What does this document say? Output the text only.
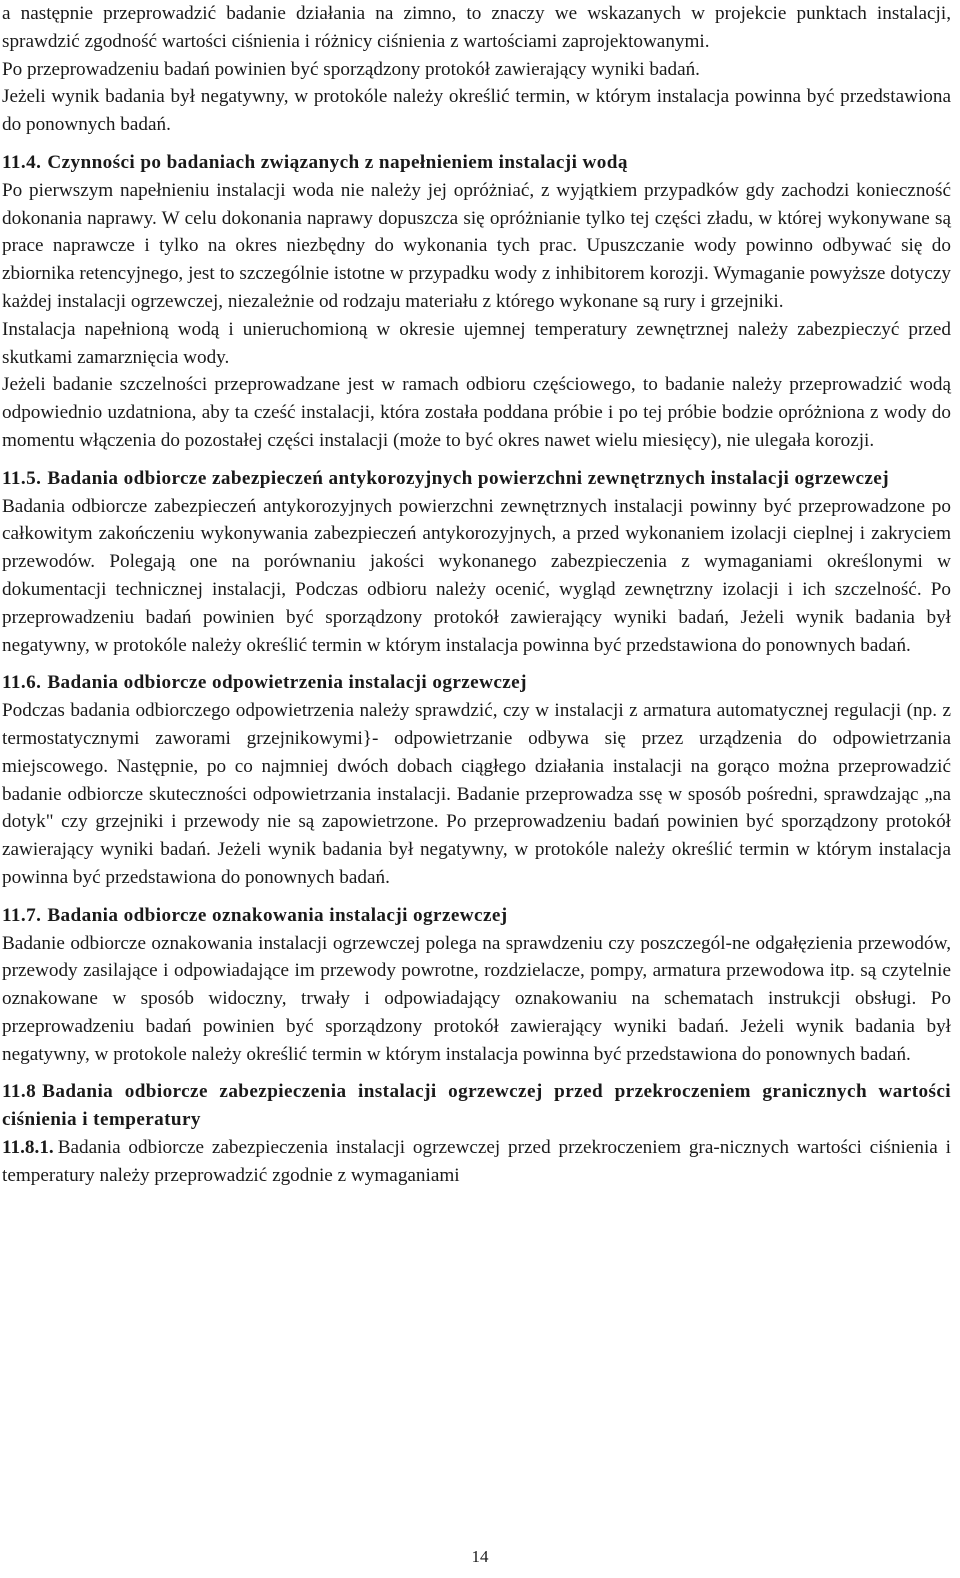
a następnie przeprowadzić badanie działania na zimno, to znaczy we wskazanych w projekcie punktach instalacji, sprawdzić zgodność wartości ciśnienia i różnicy ciśnienia z wartościami zaprojektowanymi.

Po przeprowadzeniu badań powinien być sporządzony protokół zawierający wyniki badań.

Jeżeli wynik badania był negatywny, w protokóle należy określić termin, w którym instalacja powinna być przedstawiona do ponownych badań.

11.4. Czynności po badaniach związanych z napełnieniem instalacji wodą

Po pierwszym napełnieniu instalacji woda nie należy jej opróżniać, z wyjątkiem przypadków gdy zachodzi konieczność dokonania naprawy. W celu dokonania naprawy dopuszcza się opróżnianie tylko tej części zładu, w której wykonywane są prace naprawcze i tylko na okres niezbędny do wykonania tych prac. Upuszczanie wody powinno odbywać się do zbiornika retencyjnego, jest to szczególnie istotne w przypadku wody z inhibitorem korozji. Wymaganie powyższe dotyczy każdej instalacji ogrzewczej, niezależnie od rodzaju materiału z którego wykonane są rury i grzejniki.

Instalacja napełnioną wodą i unieruchomioną w okresie ujemnej temperatury zewnętrznej należy zabezpieczyć przed skutkami zamarznięcia wody.

Jeżeli badanie szczelności przeprowadzane jest w ramach odbioru częściowego, to badanie należy przeprowadzić wodą odpowiednio uzdatniona, aby ta cześć instalacji, która została poddana próbie i po tej próbie bodzie opróżniona z wody do momentu włączenia do pozostałej części instalacji (może to być okres nawet wielu miesięcy), nie ulegała korozji.

11.5. Badania odbiorcze zabezpieczeń antykorozyjnych powierzchni zewnętrznych instalacji ogrzewczej

Badania odbiorcze zabezpieczeń antykorozyjnych powierzchni zewnętrznych instalacji powinny być przeprowadzone po całkowitym zakończeniu wykonywania zabezpieczeń antykorozyjnych, a przed wykonaniem izolacji cieplnej i zakryciem przewodów. Polegają one na porównaniu jakości wykonanego zabezpieczenia z wymaganiami określonymi w dokumentacji technicznej instalacji, Podczas odbioru należy ocenić, wygląd zewnętrzny izolacji i ich szczelność. Po przeprowadzeniu badań powinien być sporządzony protokół zawierający wyniki badań, Jeżeli wynik badania był negatywny, w protokóle należy określić termin w którym instalacja powinna być przedstawiona do ponownych badań.

11.6. Badania odbiorcze odpowietrzenia instalacji ogrzewczej

Podczas badania odbiorczego odpowietrzenia należy sprawdzić, czy w instalacji z armatura automatycznej regulacji (np. z termostatycznymi zaworami grzejnikowymi}- odpowietrzanie odbywa się przez urządzenia do odpowietrzania miejscowego. Następnie, po co najmniej dwóch dobach ciągłego działania instalacji na gorąco można przeprowadzić badanie odbiorcze skuteczności odpowietrzania instalacji. Badanie przeprowadza ssę w sposób pośredni, sprawdzając „na dotyk" czy grzejniki i przewody nie są zapowietrzone. Po przeprowadzeniu badań powinien być sporządzony protokół zawierający wyniki badań. Jeżeli wynik badania był negatywny, w protokóle należy określić termin w którym instalacja powinna być przedstawiona do ponownych badań.

11.7. Badania odbiorcze oznakowania instalacji ogrzewczej

Badanie odbiorcze oznakowania instalacji ogrzewczej polega na sprawdzeniu czy poszczegól-ne odgałęzienia przewodów, przewody zasilające i odpowiadające im przewody powrotne, rozdzielacze, pompy, armatura przewodowa itp. są czytelnie oznakowane w sposób widoczny, trwały i odpowiadający oznakowaniu na schematach instrukcji obsługi. Po przeprowadzeniu badań powinien być sporządzony protokół zawierający wyniki badań. Jeżeli wynik badania był negatywny, w protokole należy określić termin w którym instalacja powinna być przedstawiona do ponownych badań.

11.8 Badania odbiorcze zabezpieczenia instalacji ogrzewczej przed przekroczeniem granicznych wartości ciśnienia i temperatury

11.8.1. Badania odbiorcze zabezpieczenia instalacji ogrzewczej przed przekroczeniem gra-nicznych wartości ciśnienia i temperatury należy przeprowadzić zgodnie z wymaganiami

14
